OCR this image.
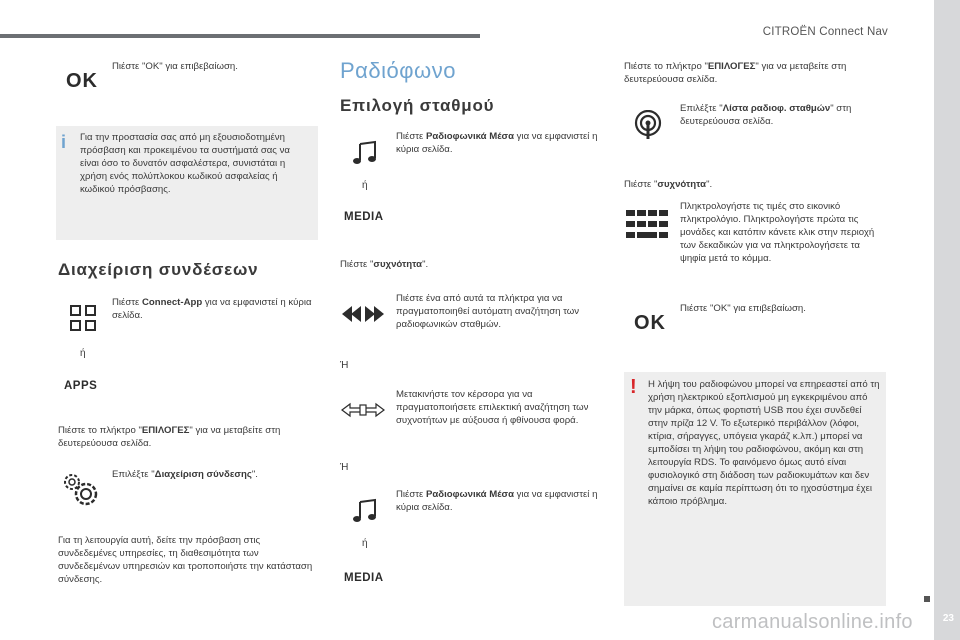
CITROËN Connect Nav
23
OK
Πιέστε "OK" για επιβεβαίωση.
i Για την προστασία σας από μη εξουσιοδοτημένη πρόσβαση και προκειμένου τα συστήματά σας να είναι όσο το δυνατόν ασφαλέστερα, συνιστάται η χρήση ενός πολύπλοκου κωδικού ασφαλείας ή κωδικού πρόσβασης.
Διαχείριση συνδέσεων
Πιέστε Connect-App για να εμφανιστεί η κύρια σελίδα.
ή
APPS
Πιέστε το πλήκτρο "ΕΠΙΛΟΓΕΣ" για να μεταβείτε στη δευτερεύουσα σελίδα.
Επιλέξτε "Διαχείριση σύνδεσης".
Για τη λειτουργία αυτή, δείτε την πρόσβαση στις συνδεδεμένες υπηρεσίες, τη διαθεσιμότητα των συνδεδεμένων υπηρεσιών και τροποποιήστε την κατάσταση σύνδεσης.
Ραδιόφωνο
Επιλογή σταθμού
Πιέστε Ραδιοφωνικά Μέσα για να εμφανιστεί η κύρια σελίδα.
ή
MEDIA
Πιέστε "συχνότητα".
Πιέστε ένα από αυτά τα πλήκτρα για να πραγματοποιηθεί αυτόματη αναζήτηση των ραδιοφωνικών σταθμών.
Ή
Μετακινήστε τον κέρσορα για να πραγματοποιήσετε επιλεκτική αναζήτηση των συχνοτήτων με αύξουσα ή φθίνουσα φορά.
Ή
Πιέστε Ραδιοφωνικά Μέσα για να εμφανιστεί η κύρια σελίδα.
ή
MEDIA
Πιέστε το πλήκτρο "ΕΠΙΛΟΓΕΣ" για να μεταβείτε στη δευτερεύουσα σελίδα.
Επιλέξτε "Λίστα ραδιοφ. σταθμών" στη δευτερεύουσα σελίδα.
Πιέστε "συχνότητα".
Πληκτρολογήστε τις τιμές στο εικονικό πληκτρολόγιο. Πληκτρολογήστε πρώτα τις μονάδες και κατόπιν κάνετε κλικ στην περιοχή των δεκαδικών για να πληκτρολογήσετε τα ψηφία μετά το κόμμα.
OK
Πιέστε "OK" για επιβεβαίωση.
! Η λήψη του ραδιοφώνου μπορεί να επηρεαστεί από τη χρήση ηλεκτρικού εξοπλισμού μη εγκεκριμένου από την μάρκα, όπως φορτιστή USB που έχει συνδεθεί στην πρίζα 12 V. Το εξωτερικό περιβάλλον (λόφοι, κτίρια, σήραγγες, υπόγεια γκαράζ κ.λπ.) μπορεί να εμποδίσει τη λήψη του ραδιοφώνου, ακόμη και στη λειτουργία RDS. Το φαινόμενο όμως αυτό είναι φυσιολογικό στη διάδοση των ραδιοκυμάτων και δεν σημαίνει σε καμία περίπτωση ότι το ηχοσύστημα έχει κάποιο πρόβλημα.
carmanualsonline.info
